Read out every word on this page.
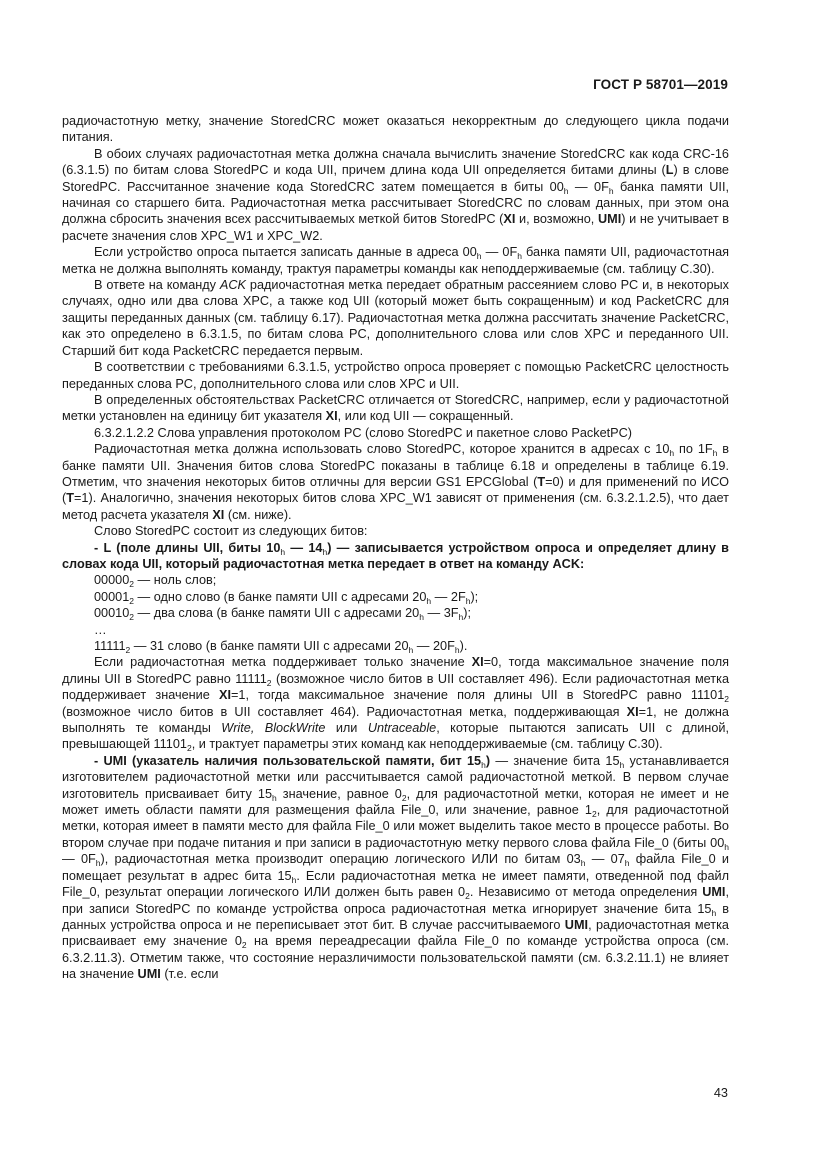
ГОСТ Р 58701—2019

радиочастотную метку, значение StoredCRC может оказаться некорректным до следующего цикла подачи питания.

В обоих случаях радиочастотная метка должна сначала вычислить значение StoredCRC как кода CRC-16 (6.3.1.5) по битам слова StoredPC и кода UII, причем длина кода UII определяется битами длины (L) в слове StoredPC. Рассчитанное значение кода StoredCRC затем помещается в биты $00_h$ — $0F_h$ банка памяти UII, начиная со старшего бита. Радиочастотная метка рассчитывает StoredCRC по словам данных, при этом она должна сбросить значения всех рассчитываемых меткой битов StoredPC (XI и, возможно, UMI) и не учитывает в расчете значения слов XPC_W1 и XPC_W2.

Если устройство опроса пытается записать данные в адреса $00_h$ — $0F_h$ банка памяти UII, радиочастотная метка не должна выполнять команду, трактуя параметры команды как неподдерживаемые (см. таблицу С.30).

В ответе на команду ACK радиочастотная метка передает обратным рассеянием слово PC и, в некоторых случаях, одно или два слова XPC, а также код UII (который может быть сокращенным) и код PacketCRC для защиты переданных данных (см. таблицу 6.17). Радиочастотная метка должна рассчитать значение PacketCRC, как это определено в 6.3.1.5, по битам слова PC, дополнительного слова или слов XPC и переданного UII. Старший бит кода PacketCRC передается первым.

В соответствии с требованиями 6.3.1.5, устройство опроса проверяет с помощью PacketCRC целостность переданных слова PC, дополнительного слова или слов XPC и UII.

В определенных обстоятельствах PacketCRC отличается от StoredCRC, например, если у радиочастотной метки установлен на единицу бит указателя XI, или код UII — сокращенный.

6.3.2.1.2.2 Слова управления протоколом PC (слово StoredPC и пакетное слово PacketPC)

Радиочастотная метка должна использовать слово StoredPC, которое хранится в адресах с $10_h$ по $1F_h$ в банке памяти UII. Значения битов слова StoredPC показаны в таблице 6.18 и определены в таблице 6.19. Отметим, что значения некоторых битов отличны для версии GS1 EPCGlobal (T=0) и для применений по ИСО (T=1). Аналогично, значения некоторых битов слова XPC_W1 зависят от применения (см. 6.3.2.1.2.5), что дает метод расчета указателя XI (см. ниже).

Слово StoredPC состоит из следующих битов:

- L (поле длины UII, биты $10_h$ — $14_h$) — записывается устройством опроса и определяет длину в словах кода UII, который радиочастотная метка передает в ответ на команду ACK:

$00000_2$ — ноль слов;

$00001_2$ — одно слово (в банке памяти UII с адресами $20_h$ — $2F_h$);

$00010_2$ — два слова (в банке памяти UII с адресами $20_h$ — $3F_h$);

…

$11111_2$ — 31 слово (в банке памяти UII с адресами $20_h$ — $20F_h$).

Если радиочастотная метка поддерживает только значение XI=0, тогда максимальное значение поля длины UII в StoredPC равно $11111_2$ (возможное число битов в UII составляет 496). Если радиочастотная метка поддерживает значение XI=1, тогда максимальное значение поля длины UII в StoredPC равно $11101_2$ (возможное число битов в UII составляет 464). Радиочастотная метка, поддерживающая XI=1, не должна выполнять те команды Write, BlockWrite или Untraceable, которые пытаются записать UII с длиной, превышающей $11101_2$, и трактует параметры этих команд как неподдерживаемые (см. таблицу С.30).

- UMI (указатель наличия пользовательской памяти, бит $15_h$) — значение бита $15_h$ устанавливается изготовителем радиочастотной метки или рассчитывается самой радиочастотной меткой. В первом случае изготовитель присваивает биту $15_h$ значение, равное $0_2$, для радиочастотной метки, которая не имеет и не может иметь области памяти для размещения файла File_0, или значение, равное $1_2$, для радиочастотной метки, которая имеет в памяти место для файла File_0 или может выделить такое место в процессе работы. Во втором случае при подаче питания и при записи в радиочастотную метку первого слова файла File_0 (биты $00_h$ — $0F_h$), радиочастотная метка производит операцию логического ИЛИ по битам $03_h$ — $07_h$ файла File_0 и помещает результат в адрес бита $15_h$. Если радиочастотная метка не имеет памяти, отведенной под файл File_0, результат операции логического ИЛИ должен быть равен $0_2$. Независимо от метода определения UMI, при записи StoredPC по команде устройства опроса радиочастотная метка игнорирует значение бита $15_h$ в данных устройства опроса и не переписывает этот бит. В случае рассчитываемого UMI, радиочастотная метка присваивает ему значение $0_2$ на время переадресации файла File_0 по команде устройства опроса (см. 6.3.2.11.3). Отметим также, что состояние неразличимости пользовательской памяти (см. 6.3.2.11.1) не влияет на значение UMI (т.е. если

43
